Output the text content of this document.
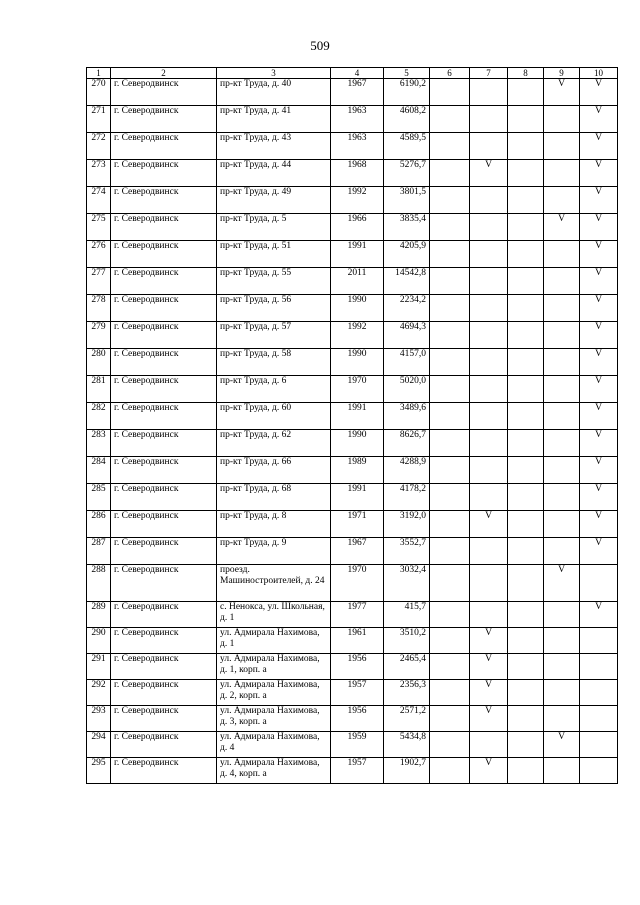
509
1	2	3	4	5	6	7	8	9	10
270	г. Северодвинск	пр-кт Труда, д. 40	1967	6190,2				V	V
271	г. Северодвинск	пр-кт Труда, д. 41	1963	4608,2					V
272	г. Северодвинск	пр-кт Труда, д. 43	1963	4589,5					V
273	г. Северодвинск	пр-кт Труда, д. 44	1968	5276,7		V			V
274	г. Северодвинск	пр-кт Труда, д. 49	1992	3801,5					V
275	г. Северодвинск	пр-кт Труда, д. 5	1966	3835,4				V	V
276	г. Северодвинск	пр-кт Труда, д. 51	1991	4205,9					V
277	г. Северодвинск	пр-кт Труда, д. 55	2011	14542,8					V
278	г. Северодвинск	пр-кт Труда, д. 56	1990	2234,2					V
279	г. Северодвинск	пр-кт Труда, д. 57	1992	4694,3					V
280	г. Северодвинск	пр-кт Труда, д. 58	1990	4157,0					V
281	г. Северодвинск	пр-кт Труда, д. 6	1970	5020,0					V
282	г. Северодвинск	пр-кт Труда, д. 60	1991	3489,6					V
283	г. Северодвинск	пр-кт Труда, д. 62	1990	8626,7					V
284	г. Северодвинск	пр-кт Труда, д. 66	1989	4288,9					V
285	г. Северодвинск	пр-кт Труда, д. 68	1991	4178,2					V
286	г. Северодвинск	пр-кт Труда, д. 8	1971	3192,0		V			V
287	г. Северодвинск	пр-кт Труда, д. 9	1967	3552,7					V
288	г. Северодвинск	проезд. Машиностроителей, д. 24	1970	3032,4				V	
289	г. Северодвинск	с. Ненокса, ул. Школьная, д. 1	1977	415,7					V
290	г. Северодвинск	ул. Адмирала Нахимова, д. 1	1961	3510,2		V			
291	г. Северодвинск	ул. Адмирала Нахимова, д. 1, корп. а	1956	2465,4		V			
292	г. Северодвинск	ул. Адмирала Нахимова, д. 2, корп. а	1957	2356,3		V			
293	г. Северодвинск	ул. Адмирала Нахимова, д. 3, корп. а	1956	2571,2		V			
294	г. Северодвинск	ул. Адмирала Нахимова, д. 4	1959	5434,8				V	
295	г. Северодвинск	ул. Адмирала Нахимова, д. 4, корп. а	1957	1902,7		V			
